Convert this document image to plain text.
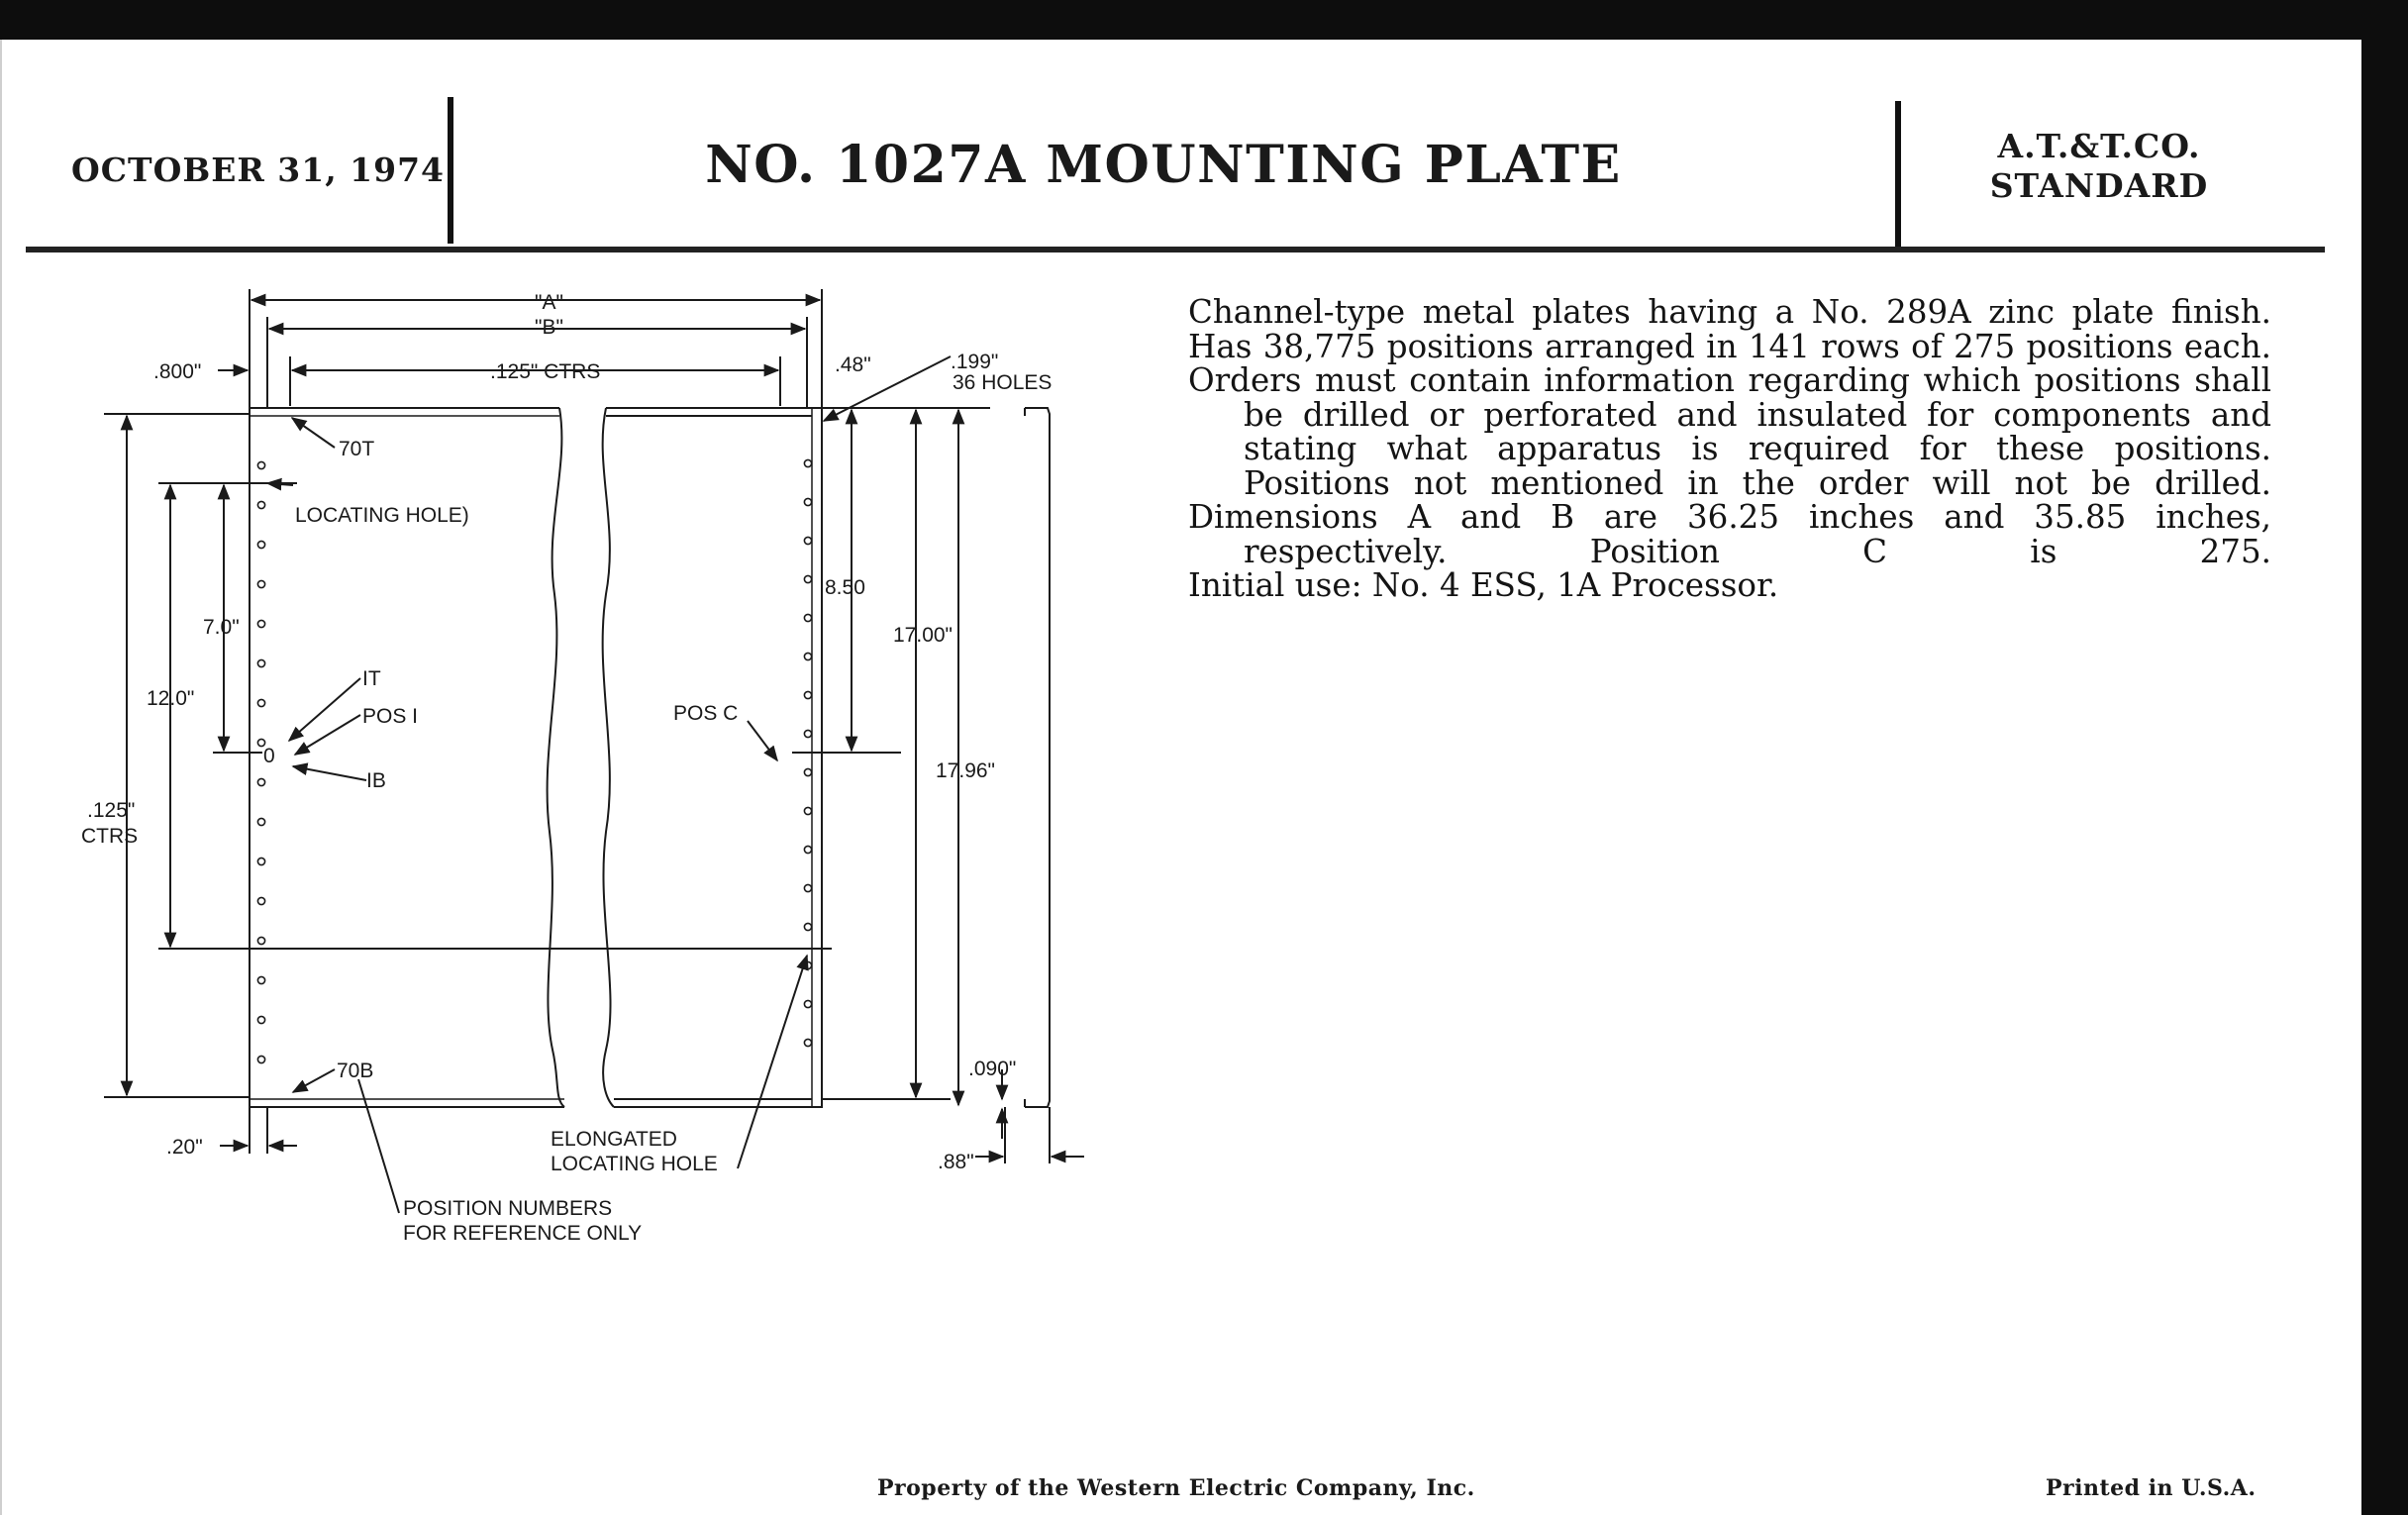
OCTOBER 31, 1974	NO. 1027A MOUNTING PLATE	A.T.&T.CO.
STANDARD
"A"
"B"
.800"	.125" CTRS	.48"	.199"
36 HOLES
70T
LOCATING HOLE)
7.0"
12.0"
8.50
17.00"
17.96"
IT
POS I
IB
0
POS C
.125"
CTRS
70B	.090"
.20"	ELONGATED
LOCATING HOLE	.88"
POSITION NUMBERS
FOR REFERENCE ONLY

Channel-type metal plates having a No. 289A zinc plate finish.

Has 38,775 positions arranged in 141 rows of 275 positions each.

Orders must contain information regarding which positions shall be drilled or perforated and insulated for components and stating what apparatus is required for these positions. Positions not mentioned in the order will not be drilled.

Dimensions A and B are 36.25 inches and 35.85 inches, respectively. Position C is 275.

Initial use: No. 4 ESS, 1A Processor.

Property of the Western Electric Company, Inc.	Printed in U.S.A.
